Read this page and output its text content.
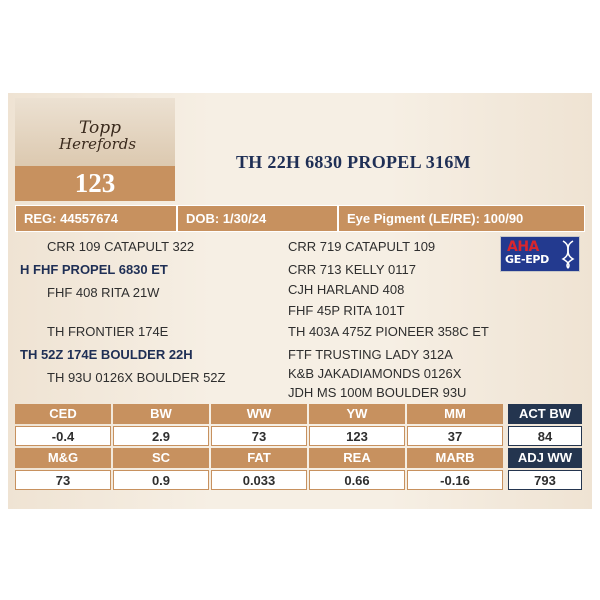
Topp
Herefords
123
TH 22H 6830 PROPEL 316M
REG: 44557674	DOB: 1/30/24	Eye Pigment (LE/RE): 100/90
CRR 109 CATAPULT 322
H FHF PROPEL 6830 ET
FHF 408 RITA 21W
TH FRONTIER 174E
TH 52Z 174E BOULDER 22H
TH 93U 0126X BOULDER 52Z
CRR 719 CATAPULT 109
CRR 713 KELLY 0117
CJH HARLAND 408
FHF 45P RITA 101T
TH 403A 475Z PIONEER 358C ET
FTF TRUSTING LADY 312A
K&B JAKADIAMONDS 0126X
JDH MS 100M BOULDER 93U
AHA
GE-EPD
CED	BW	WW	YW	MM
-0.4	2.9	73	123	37
M&G	SC	FAT	REA	MARB
73	0.9	0.033	0.66	-0.16
ACT BW
84
ADJ WW
793
